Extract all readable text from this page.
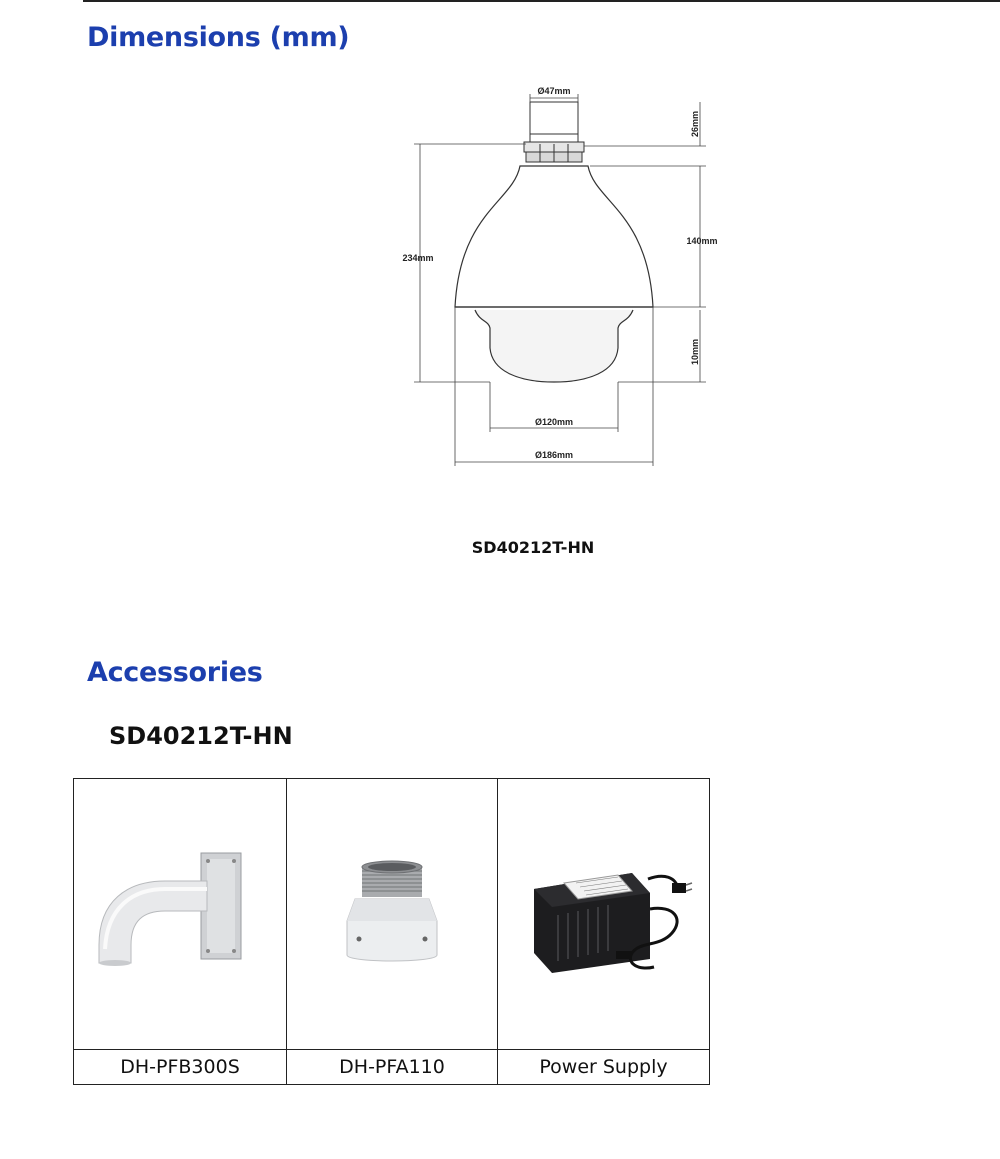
Dimensions (mm)
Ø47mm
26mm
140mm
234mm
10mm
Ø120mm
Ø186mm
SD40212T-HN
Accessories
SD40212T-HN

DH-PFB300S	DH-PFA110	Power Supply
